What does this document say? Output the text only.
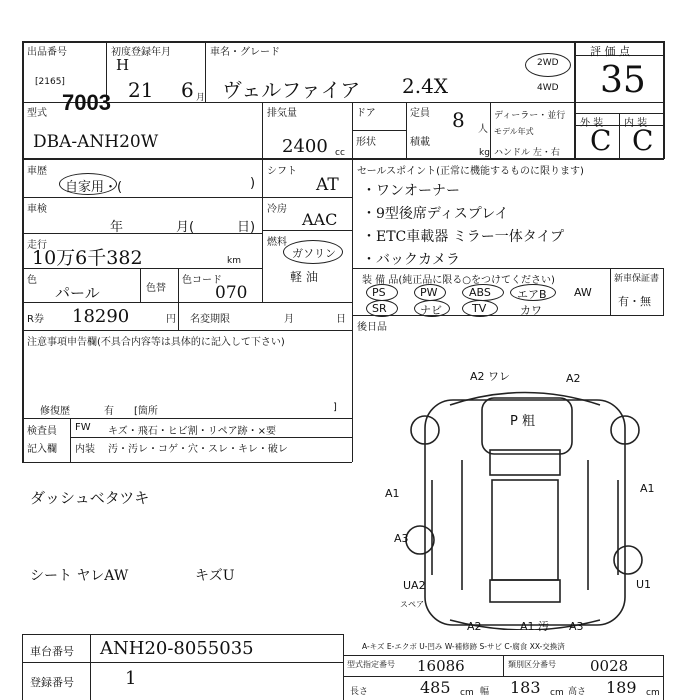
出品番号
[2165]
7003
初度登録年月
H
21 6 月
車名・グレード
ヴェルファイア 2.4X
2WD
4WD
評 価 点
35
外 装 内 装
C C
型式
DBA-ANH20W
排気量
2400 cc
ドア
形状
定員 8 人
積載
kg
ディーラー・並行
モデル年式
ハンドル 左・右
車歴
自家用・(	)
車検
年	月(	日)
走行
10万6千382	km
色
パール	色替
色コード
070
R券 18290	円 名変期限	月	日
シフト
AT
冷房
AAC
燃料
ガソリン
軽 油
セールスポイント(正常に機能するものに限ります)
・ワンオーナー
・9型後席ディスプレイ
・ETC車載器 ミラー一体タイプ
・バックカメラ
装 備 品(純正品に限る○をつけてください)	新車保証書
有・無
PS	PW	ABS エアB AW
SR	ナビ	TV	カワ
後日品
注意事項申告欄(不具合内容等は具体的に記入して下さい)
修復歴	有 [箇所	]
検査員
記入欄
FW キズ・飛石・ヒビ割・リペア跡・×要
内装 汚・汚レ・コゲ・穴・スレ・キレ・破レ
ダッシュベタツキ
シート ヤレAW	キズU
A2 ワレ	A2
P 粗
A1	A1
A3
UA2	U1
スペア
A2	A1 汚 A3
A-キズ E-エクボ U-凹み W-補修跡 S-サビ C-腐食 XX-交換済
車台番号 ANH20-8055035
登録番号	1
型式指定番号 16086	類別区分番号 0028
長さ	485 cm 幅 183 cm 高さ 189 cm
